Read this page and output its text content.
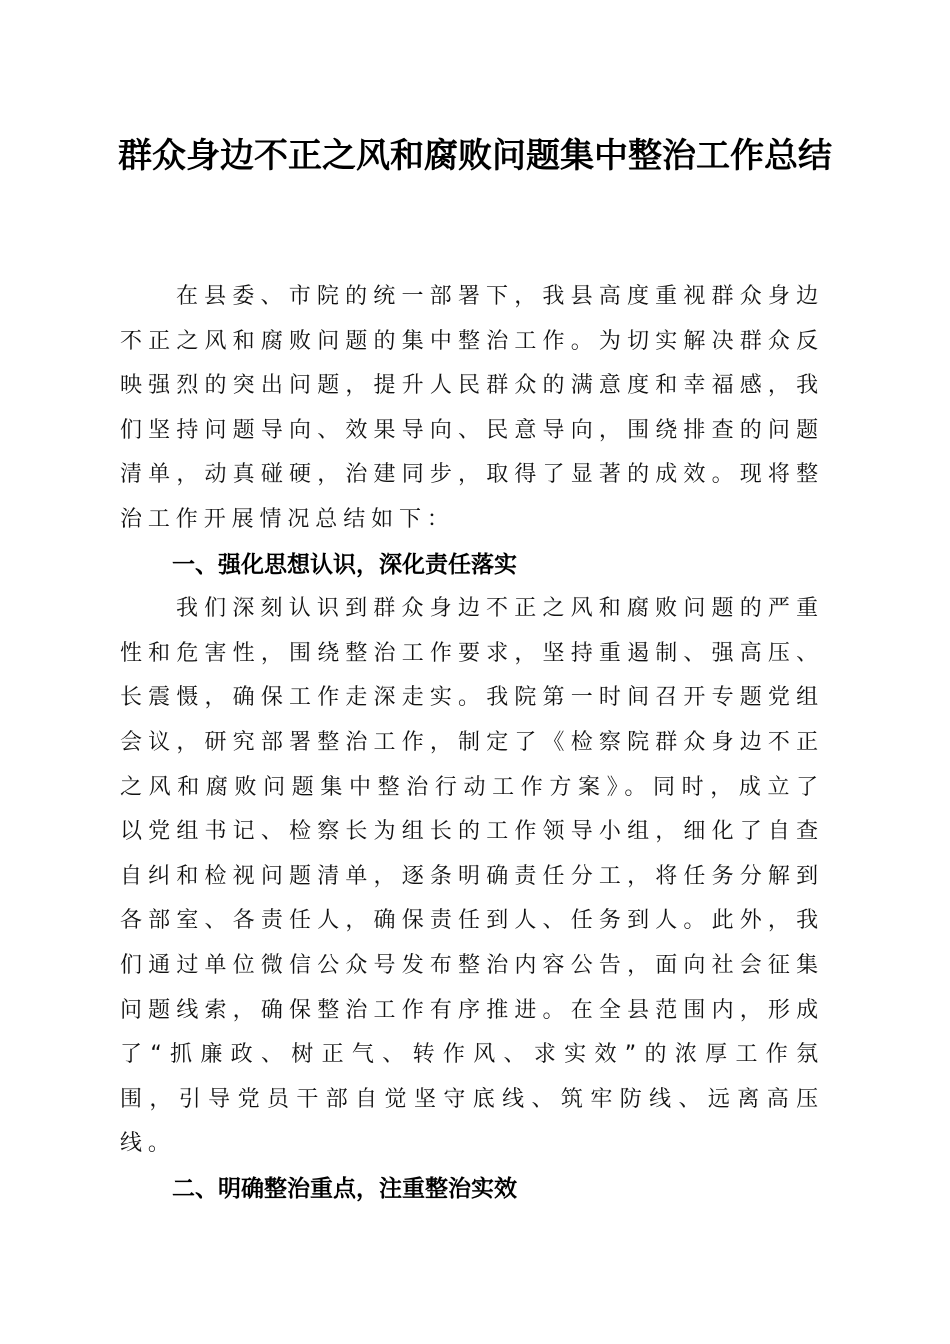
群众身边不正之风和腐败问题集中整治工作总结

在县委、市院的统一部署下，我县高度重视群众身边不正之风和腐败问题的集中整治工作。为切实解决群众反映强烈的突出问题，提升人民群众的满意度和幸福感，我们坚持问题导向、效果导向、民意导向，围绕排查的问题清单，动真碰硬，治建同步，取得了显著的成效。现将整治工作开展情况总结如下：

一、强化思想认识，深化责任落实

我们深刻认识到群众身边不正之风和腐败问题的严重性和危害性，围绕整治工作要求，坚持重遏制、强高压、长震慑，确保工作走深走实。我院第一时间召开专题党组会议，研究部署整治工作，制定了《检察院群众身边不正之风和腐败问题集中整治行动工作方案》。同时，成立了以党组书记、检察长为组长的工作领导小组，细化了自查自纠和检视问题清单，逐条明确责任分工，将任务分解到各部室、各责任人，确保责任到人、任务到人。此外，我们通过单位微信公众号发布整治内容公告，面向社会征集问题线索，确保整治工作有序推进。在全县范围内，形成了“抓廉政、树正气、转作风、求实效”的浓厚工作氛围，引导党员干部自觉坚守底线、筑牢防线、远离高压线。

二、明确整治重点，注重整治实效
